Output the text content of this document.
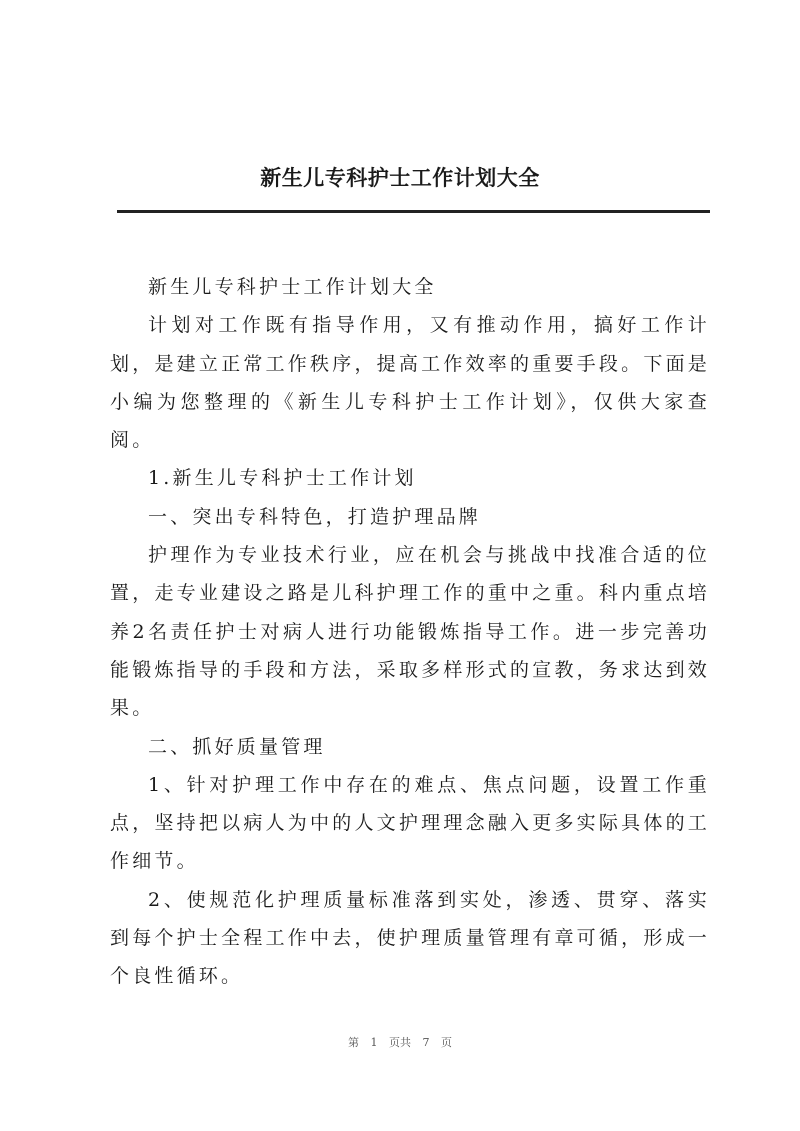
新生儿专科护士工作计划大全

新生儿专科护士工作计划大全

计划对工作既有指导作用，又有推动作用，搞好工作计划，是建立正常工作秩序，提高工作效率的重要手段。下面是小编为您整理的《新生儿专科护士工作计划》，仅供大家查阅。

1.新生儿专科护士工作计划

一、突出专科特色，打造护理品牌

护理作为专业技术行业，应在机会与挑战中找准合适的位置，走专业建设之路是儿科护理工作的重中之重。科内重点培养2名责任护士对病人进行功能锻炼指导工作。进一步完善功能锻炼指导的手段和方法，采取多样形式的宣教，务求达到效果。

二、抓好质量管理

1、针对护理工作中存在的难点、焦点问题，设置工作重点，坚持把以病人为中的人文护理理念融入更多实际具体的工作细节。

2、使规范化护理质量标准落到实处，渗透、贯穿、落实到每个护士全程工作中去，使护理质量管理有章可循，形成一个良性循环。

第 1 页共 7 页
